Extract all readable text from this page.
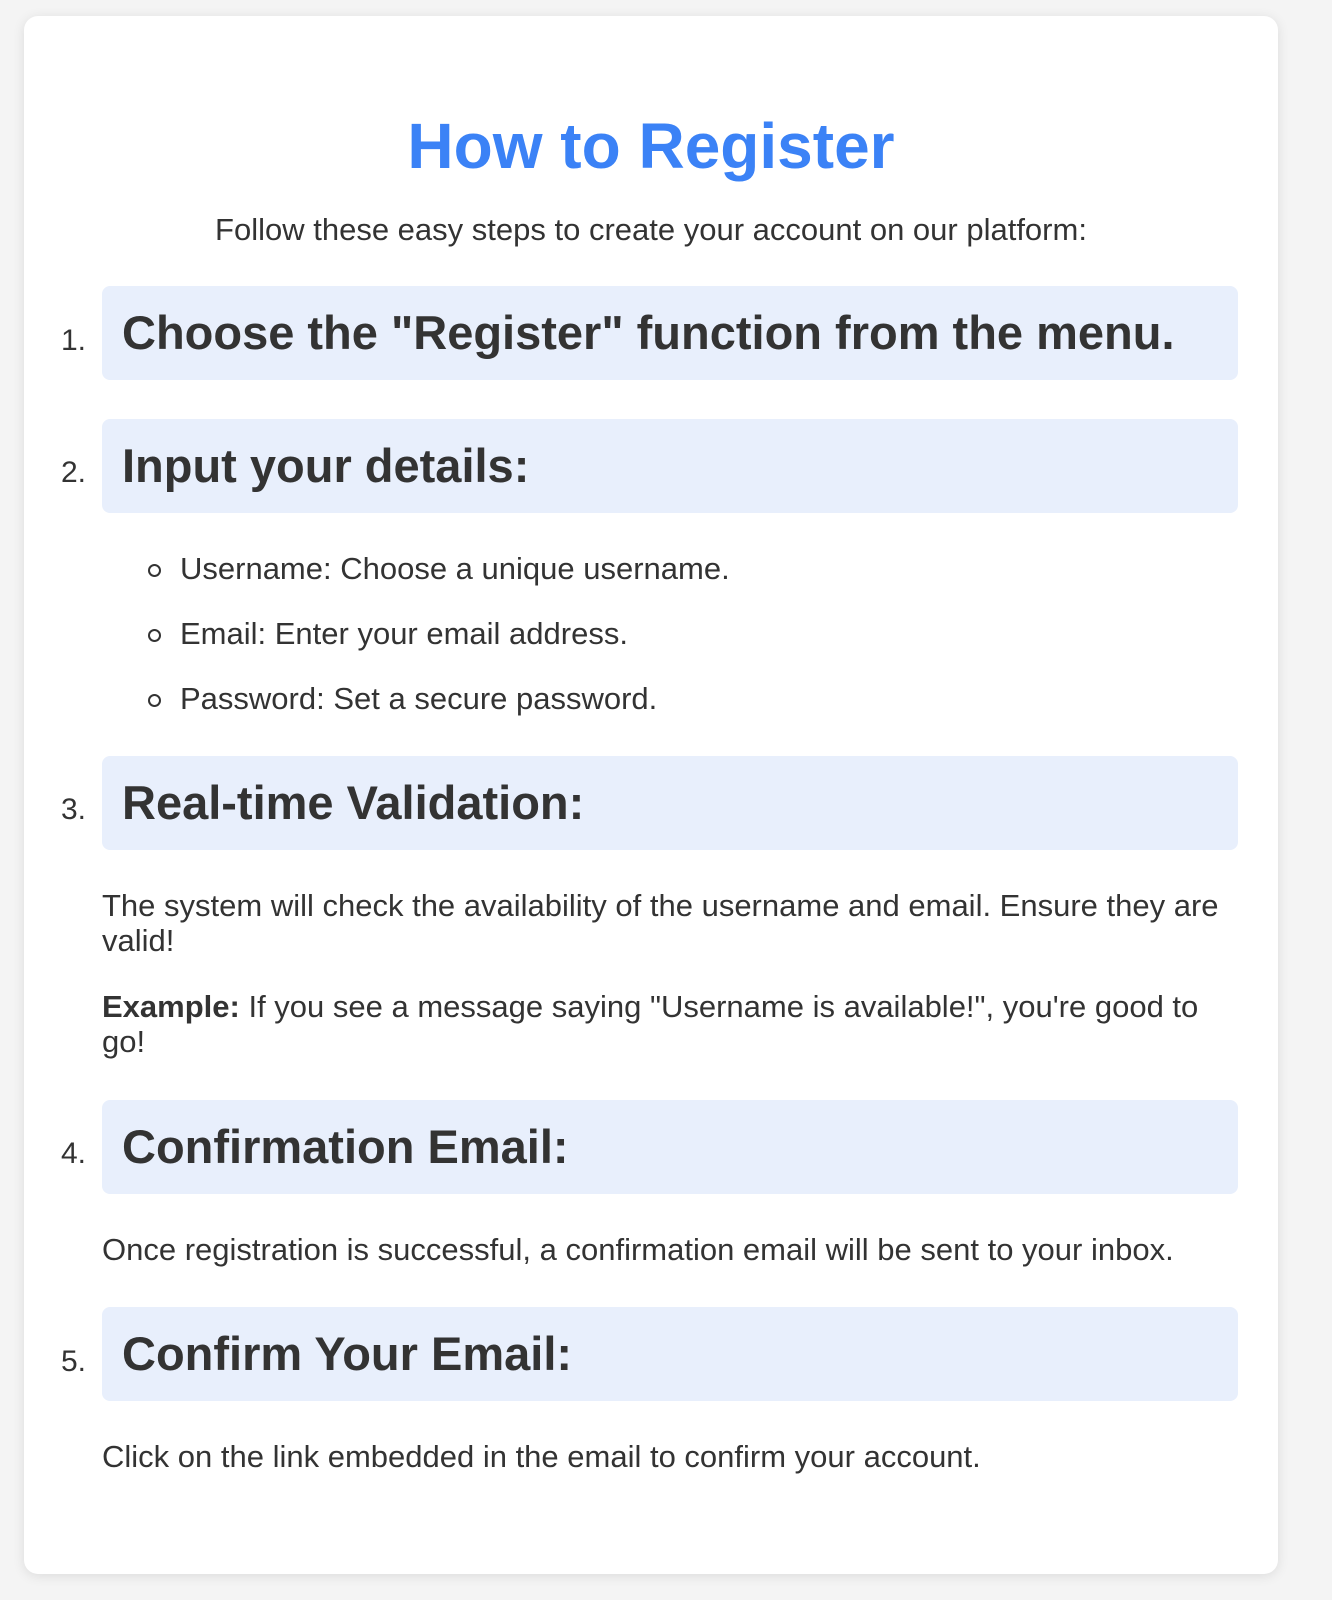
How to Register

Follow these easy steps to create your account on our platform:

1. Choose the "Register" function from the menu.
2. Input your details:
Username: Choose a unique username.
Email: Enter your email address.
Password: Set a secure password.
3. Real-time Validation:

The system will check the availability of the username and email. Ensure they are valid!

Example: If you see a message saying "Username is available!", you're good to go!

4. Confirmation Email:

Once registration is successful, a confirmation email will be sent to your inbox.

5. Confirm Your Email:

Click on the link embedded in the email to confirm your account.
